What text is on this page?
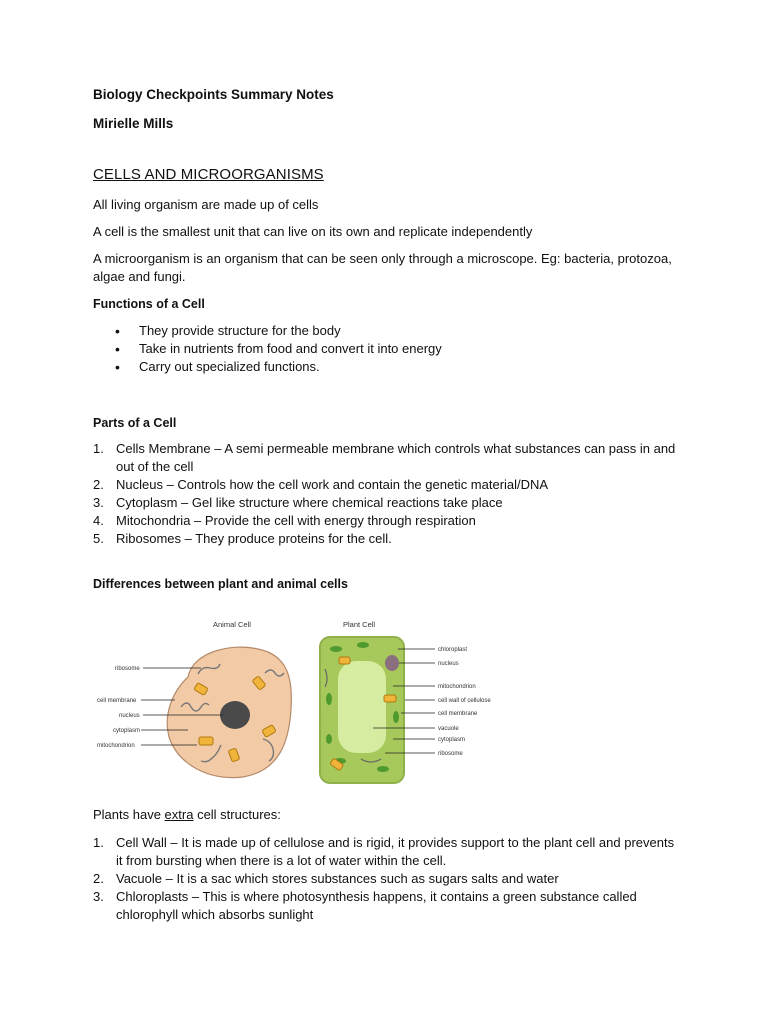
Biology Checkpoints Summary Notes

Mirielle Mills

CELLS AND MICROORGANISMS

All living organism are made up of cells

A cell is the smallest unit that can live on its own and replicate independently

A microorganism is an organism that can be seen only through a microscope. Eg: bacteria, protozoa, algae and fungi.

Functions of a Cell

• They provide structure for the body
• Take in nutrients from food and convert it into energy
• Carry out specialized functions.

Parts of a Cell

1. Cells Membrane – A semi permeable membrane which controls what substances can pass in and out of the cell
2. Nucleus – Controls how the cell work and contain the genetic material/DNA
3. Cytoplasm – Gel like structure where chemical reactions take place
4. Mitochondria – Provide the cell with energy through respiration
5. Ribosomes – They produce proteins for the cell.

Differences between plant and animal cells

Animal Cell	Plant Cell
ribosome
cell membrane
nucleus
cytoplasm
mitochondrion
chloroplast
nucleus
mitochondrion
cell wall of cellulose
cell membrane
vacuole
cytoplasm
ribosome

Plants have extra cell structures:

1. Cell Wall – It is made up of cellulose and is rigid, it provides support to the plant cell and prevents it from bursting when there is a lot of water within the cell.
2. Vacuole – It is a sac which stores substances such as sugars salts and water
3. Chloroplasts – This is where photosynthesis happens, it contains a green substance called chlorophyll which absorbs sunlight
